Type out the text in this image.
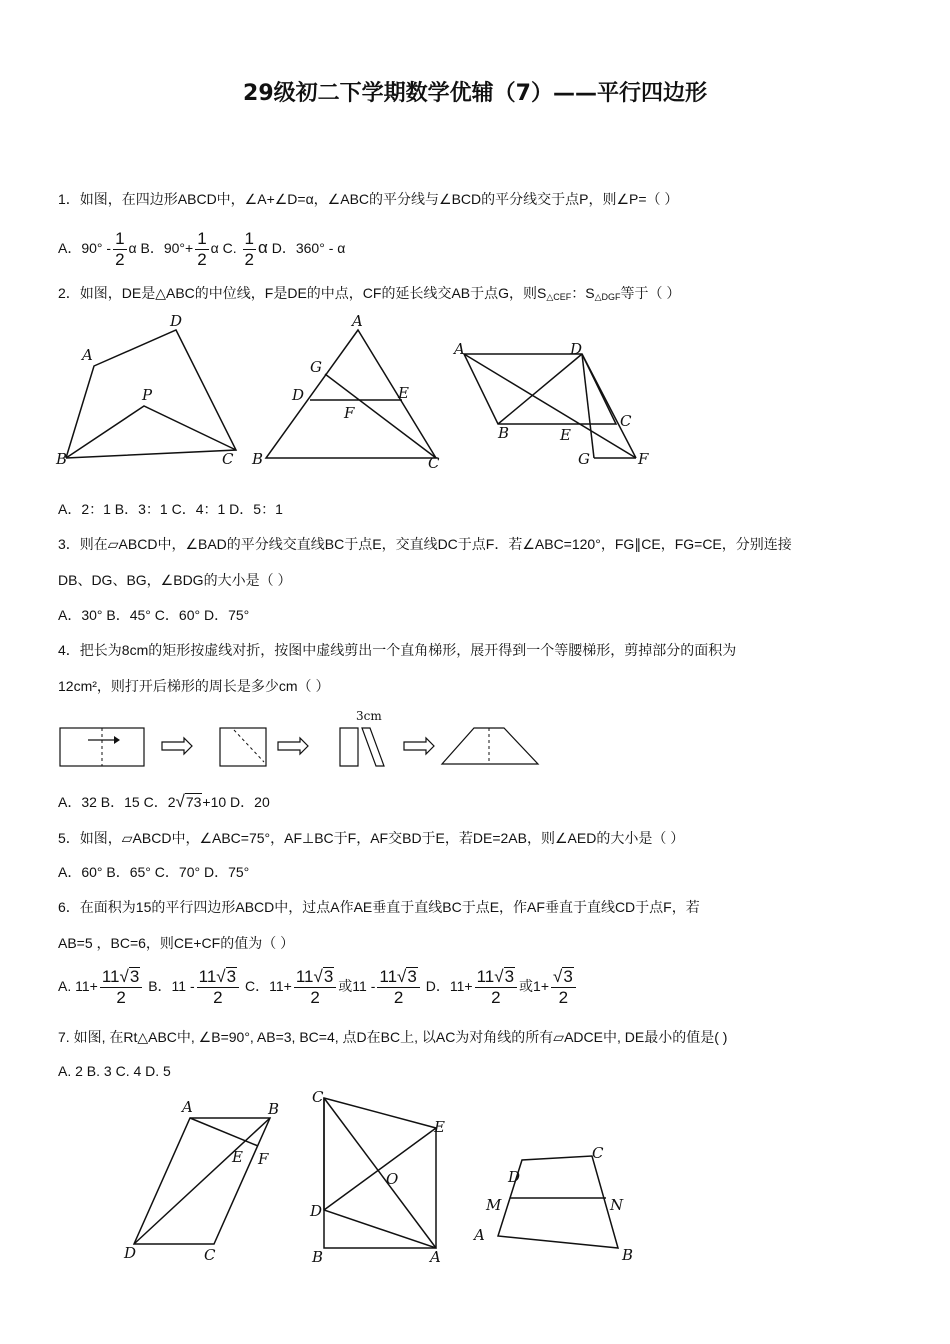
29级初二下学期数学优辅（7）——平行四边形
1．如图，在四边形ABCD中，∠A+∠D=α，∠ABC的平分线与∠BCD的平分线交于点P，则∠P=（ ）
A．$90^\circ - \frac{1}{2}$ α B．$90^\circ+ \frac{1}{2}$ α C. $\frac{1}{2}$ α D．360° - α
2．如图，DE是△ABC的中位线，F是DE的中点，CF的延长线交AB于点G，则$S_{\triangle CEF}$：$S_{\triangle DGF}$等于（ ）
A
D
P
B	C
A
G
D	E
F
B	C
A	D
C
B	E
G	F
A．2：1 B．3：1 C．4：1 D．5：1
3．则在▱ABCD中，∠BAD的平分线交直线BC于点E，交直线DC于点F．若∠ABC=120°，FG∥CE，FG=CE，分别连接
DB、DG、BG，∠BDG的大小是（ ）
A．30° B．45° C．60° D．75°
4．把长为8cm的矩形按虚线对折，按图中虚线剪出一个直角梯形，展开得到一个等腰梯形，剪掉部分的面积为
12cm²，则打开后梯形的周长是多少cm（ ）
3cm
A．32 B．15 C．2√73+10 D．20
5．如图，▱ABCD中，∠ABC=75°，AF⊥BC于F，AF交BD于E，若DE=2AB，则∠AED的大小是（ ）
A．60° B．65° C．70° D．75°
6．在面积为15的平行四边形ABCD中，过点A作AE垂直于直线BC于点E，作AF垂直于直线CD于点F，若
AB=5 ，BC=6，则CE+CF的值为（ ）
A. $11+ \frac{11√3}{2}$ B．$11 - \frac{11√3}{2}$ C．$11+ \frac{11√3}{2}$ 或$11 - \frac{11√3}{2}$ D．$11+ \frac{11√3}{2}$ 或$1+ \frac{√3}{2}$
7. 如图, 在Rt△ABC中, ∠B=90°, AB=3, BC=4, 点D在BC上, 以AC为对角线的所有▱ADCE中, DE最小的值是( )
A. 2 B. 3 C. 4 D. 5
A	B
E F
D	C
C
E
O
D
B	A
D
C
M	N
A
B
